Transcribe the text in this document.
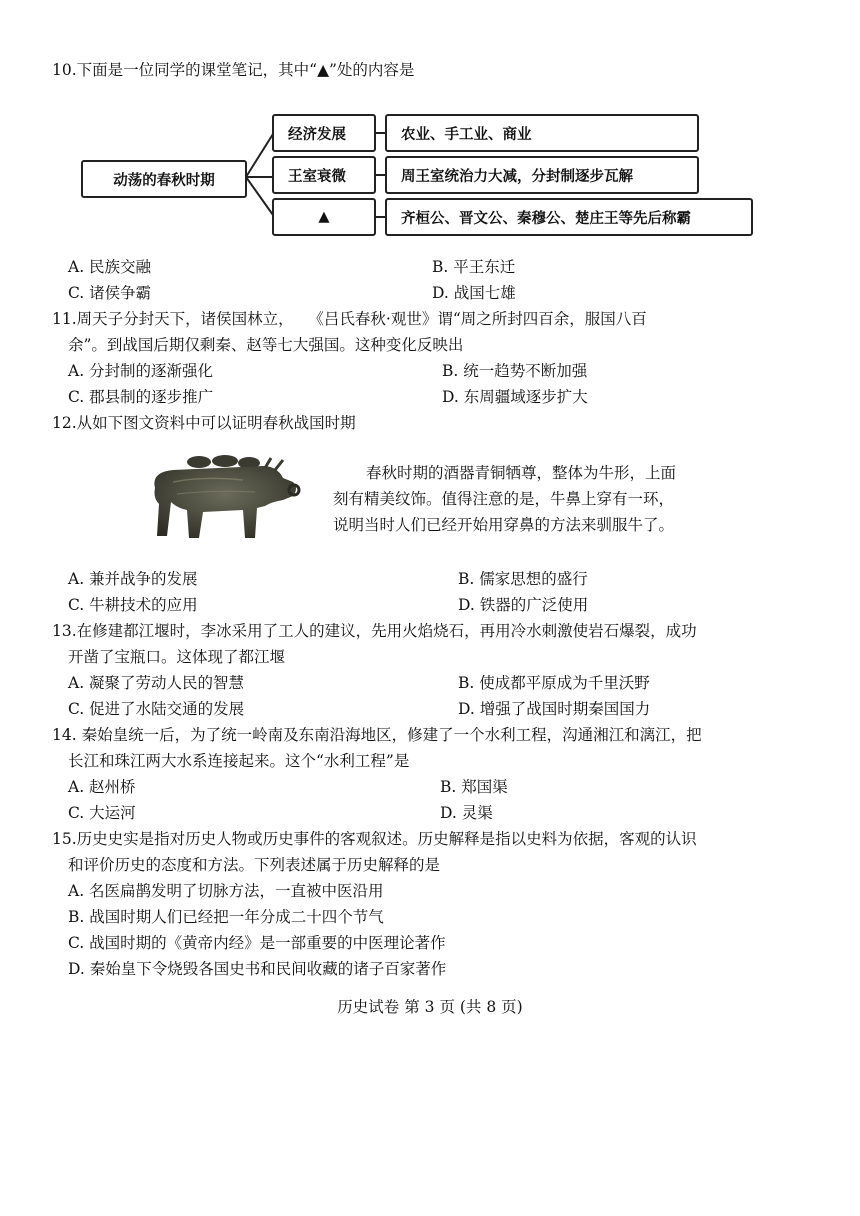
10.下面是一位同学的课堂笔记，其中“▲”处的内容是
动荡的春秋时期
经济发展
王室衰微
▲
农业、手工业、商业
周王室统治力大减，分封制逐步瓦解
齐桓公、晋文公、秦穆公、楚庄王等先后称霸
A. 民族交融	B. 平王东迁
C. 诸侯争霸	D. 战国七雄
11.周天子分封天下，诸侯国林立，   《吕氏春秋·观世》谓“周之所封四百余，服国八百
余”。到战国后期仅剩秦、赵等七大强国。这种变化反映出
A. 分封制的逐渐强化	B. 统一趋势不断加强
C. 郡县制的逐步推广	D. 东周疆域逐步扩大
12.从如下图文资料中可以证明春秋战国时期
春秋时期的酒器青铜牺尊，整体为牛形，上面
刻有精美纹饰。值得注意的是，牛鼻上穿有一环，
说明当时人们已经开始用穿鼻的方法来驯服牛了。
A. 兼并战争的发展	B. 儒家思想的盛行
C. 牛耕技术的应用	D. 铁器的广泛使用
13.在修建都江堰时，李冰采用了工人的建议，先用火焰烧石，再用冷水刺激使岩石爆裂，成功
开凿了宝瓶口。这体现了都江堰
A. 凝聚了劳动人民的智慧	B. 使成都平原成为千里沃野
C. 促进了水陆交通的发展	D. 增强了战国时期秦国国力
14. 秦始皇统一后，为了统一岭南及东南沿海地区，修建了一个水利工程，沟通湘江和漓江，把
长江和珠江两大水系连接起来。这个“水利工程”是
A. 赵州桥	B. 郑国渠
C. 大运河	D. 灵渠
15.历史史实是指对历史人物或历史事件的客观叙述。历史解释是指以史料为依据，客观的认识
和评价历史的态度和方法。下列表述属于历史解释的是
A. 名医扁鹊发明了切脉方法，一直被中医沿用
B. 战国时期人们已经把一年分成二十四个节气
C. 战国时期的《黄帝内经》是一部重要的中医理论著作
D. 秦始皇下令烧毁各国史书和民间收藏的诸子百家著作
历史试卷 第 3 页 (共 8 页)
